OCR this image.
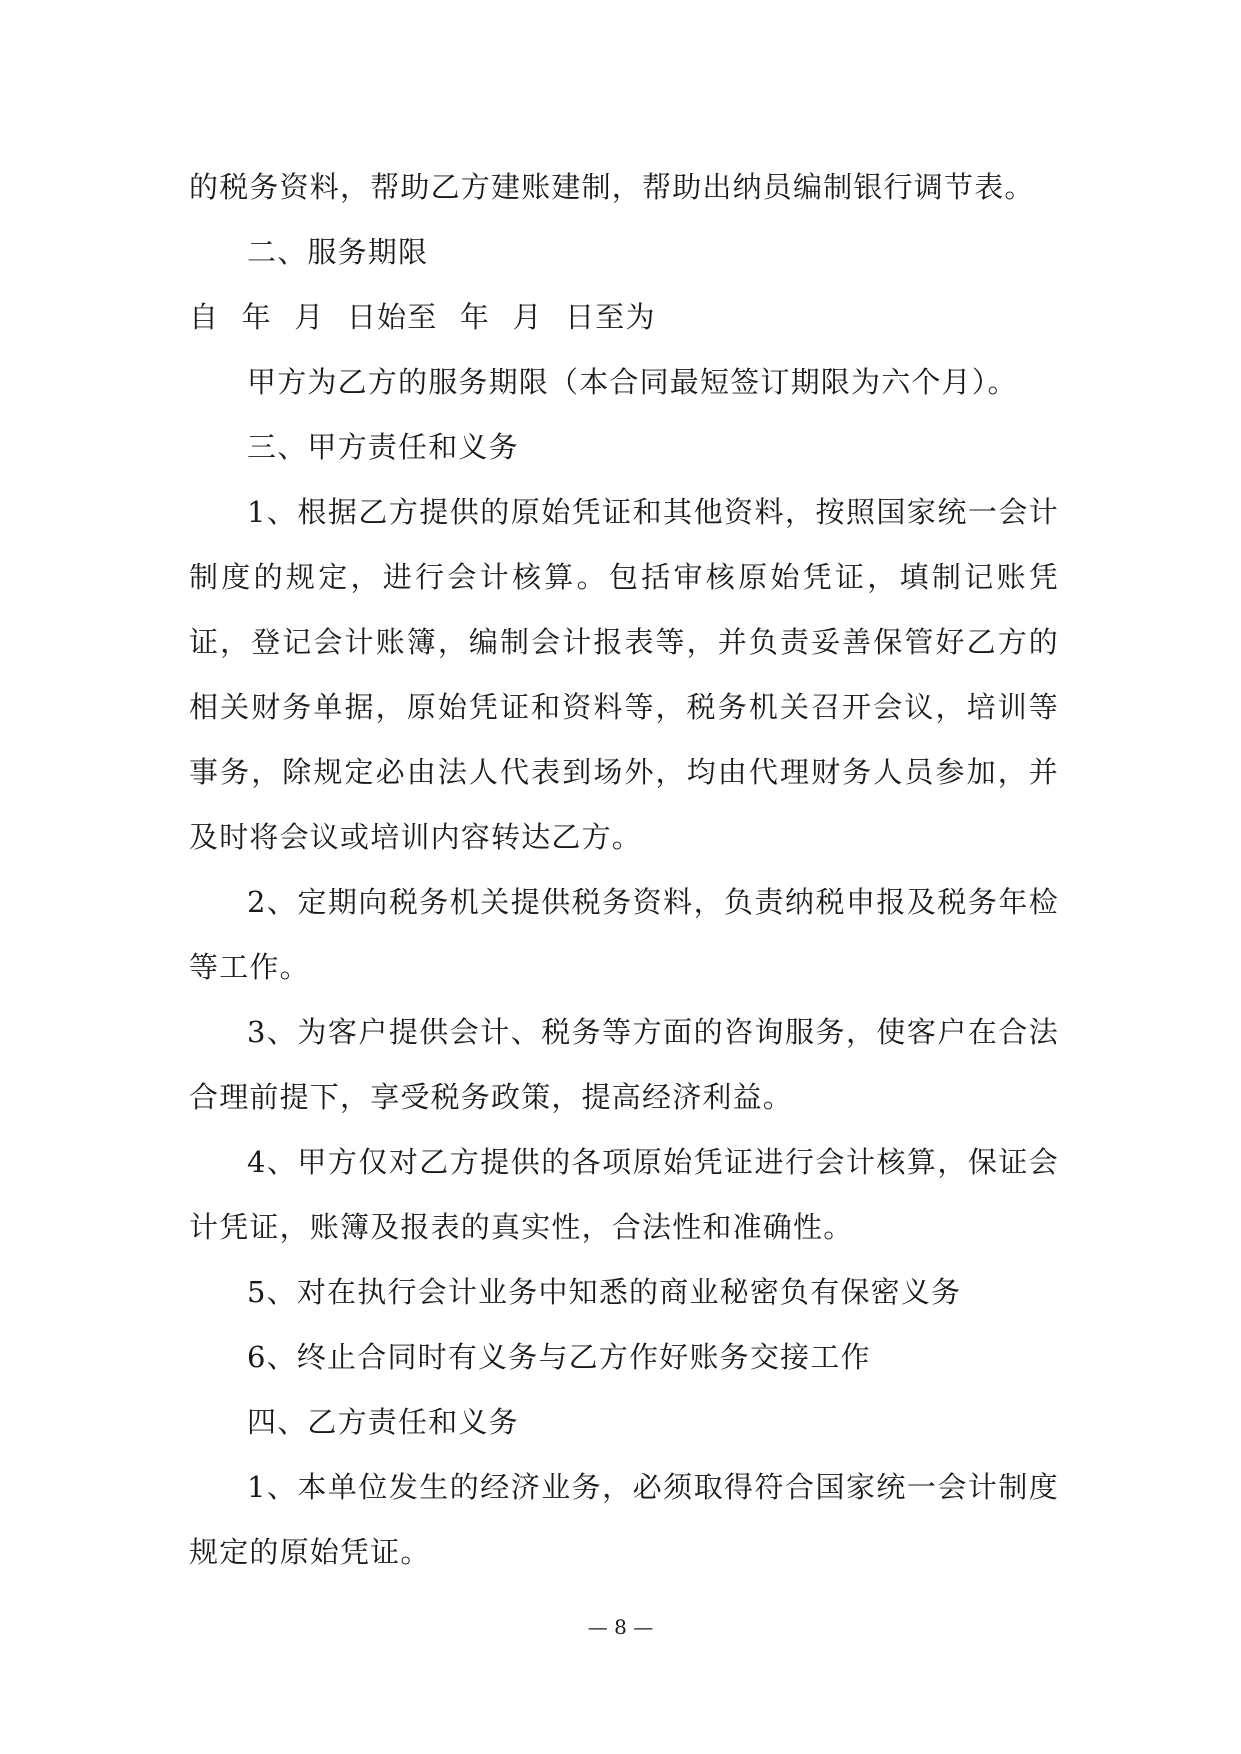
的税务资料，帮助乙方建账建制，帮助出纳员编制银行调节表。

二、服务期限

自 年 月 日始至 年 月 日至为

甲方为乙方的服务期限（本合同最短签订期限为六个月）。

三、甲方责任和义务

1、根据乙方提供的原始凭证和其他资料，按照国家统一会计制度的规定，进行会计核算。包括审核原始凭证，填制记账凭证，登记会计账簿，编制会计报表等，并负责妥善保管好乙方的相关财务单据，原始凭证和资料等，税务机关召开会议，培训等事务，除规定必由法人代表到场外，均由代理财务人员参加，并及时将会议或培训内容转达乙方。

2、定期向税务机关提供税务资料，负责纳税申报及税务年检等工作。

3、为客户提供会计、税务等方面的咨询服务，使客户在合法合理前提下，享受税务政策，提高经济利益。

4、甲方仅对乙方提供的各项原始凭证进行会计核算，保证会计凭证，账簿及报表的真实性，合法性和准确性。

5、对在执行会计业务中知悉的商业秘密负有保密义务

6、终止合同时有义务与乙方作好账务交接工作

四、乙方责任和义务

1、本单位发生的经济业务，必须取得符合国家统一会计制度规定的原始凭证。

— 8 —
